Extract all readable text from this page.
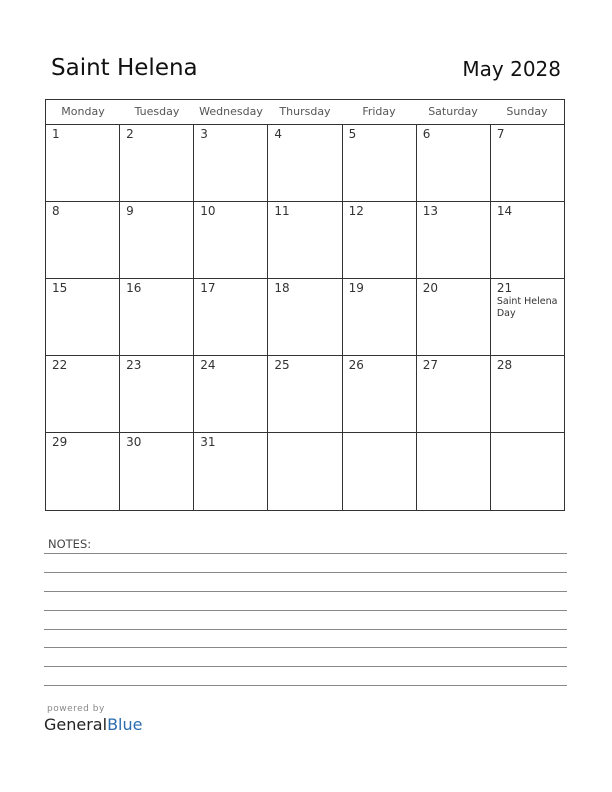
Saint Helena	May 2028
Monday	Tuesday	Wednesday	Thursday	Friday	Saturday	Sunday
1	2	3	4	5	6	7
8	9	10	11	12	13	14
15	16	17	18	19	20	21
Saint Helena Day
22	23	24	25	26	27	28
29	30	31
NOTES:
powered by
GeneralBlue
